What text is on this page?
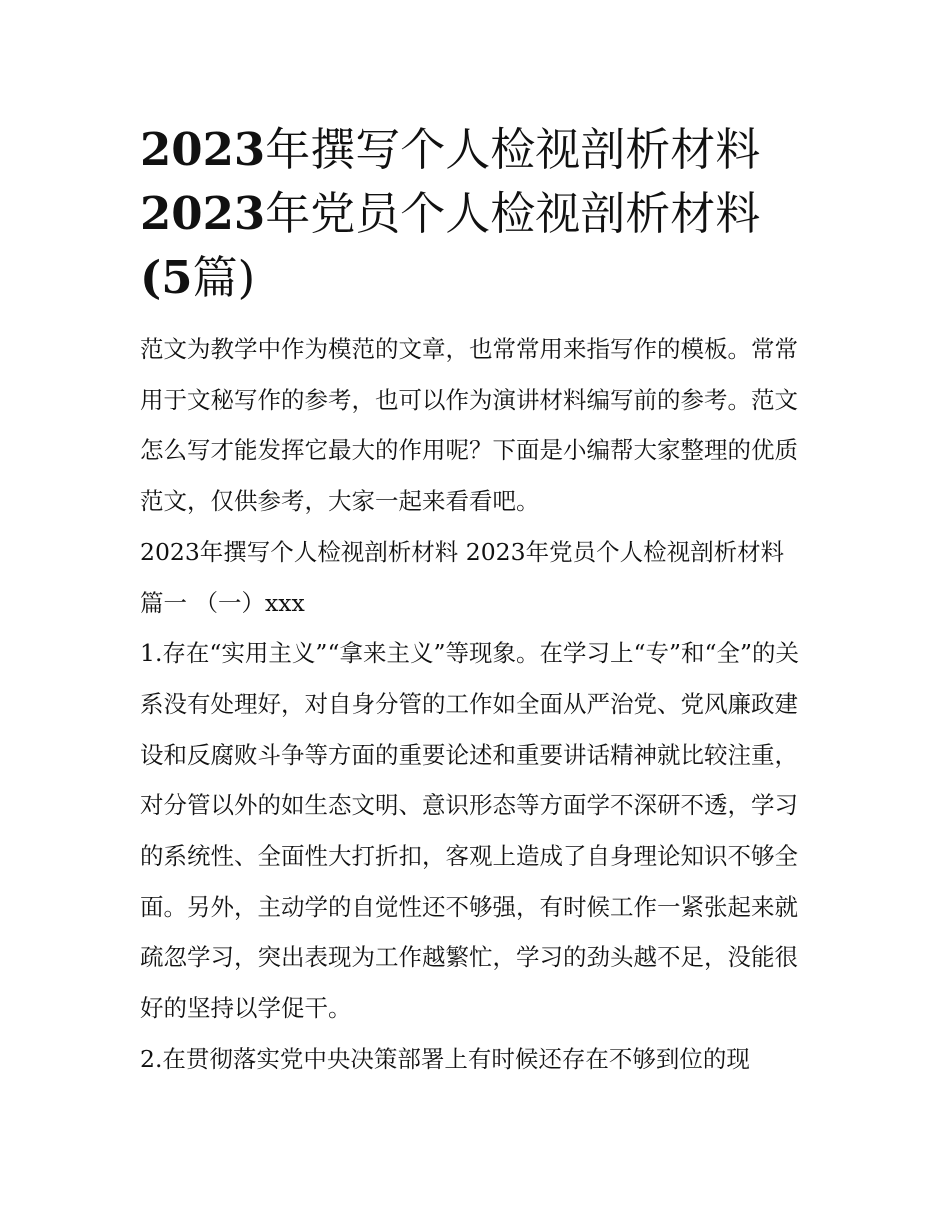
2023年撰写个人检视剖析材料
2023年党员个人检视剖析材料
(5篇)

范文为教学中作为模范的文章，也常常用来指写作的模板。常常用于文秘写作的参考，也可以作为演讲材料编写前的参考。范文怎么写才能发挥它最大的作用呢？下面是小编帮大家整理的优质范文，仅供参考，大家一起来看看吧。

2023年撰写个人检视剖析材料 2023年党员个人检视剖析材料

篇一 （一）xxx

1.存在“实用主义”“拿来主义”等现象。在学习上“专”和“全”的关系没有处理好，对自身分管的工作如全面从严治党、党风廉政建设和反腐败斗争等方面的重要论述和重要讲话精神就比较注重，对分管以外的如生态文明、意识形态等方面学不深研不透，学习的系统性、全面性大打折扣，客观上造成了自身理论知识不够全面。另外，主动学的自觉性还不够强，有时候工作一紧张起来就疏忽学习，突出表现为工作越繁忙，学习的劲头越不足，没能很好的坚持以学促干。

2.在贯彻落实党中央决策部署上有时候还存在不够到位的现
